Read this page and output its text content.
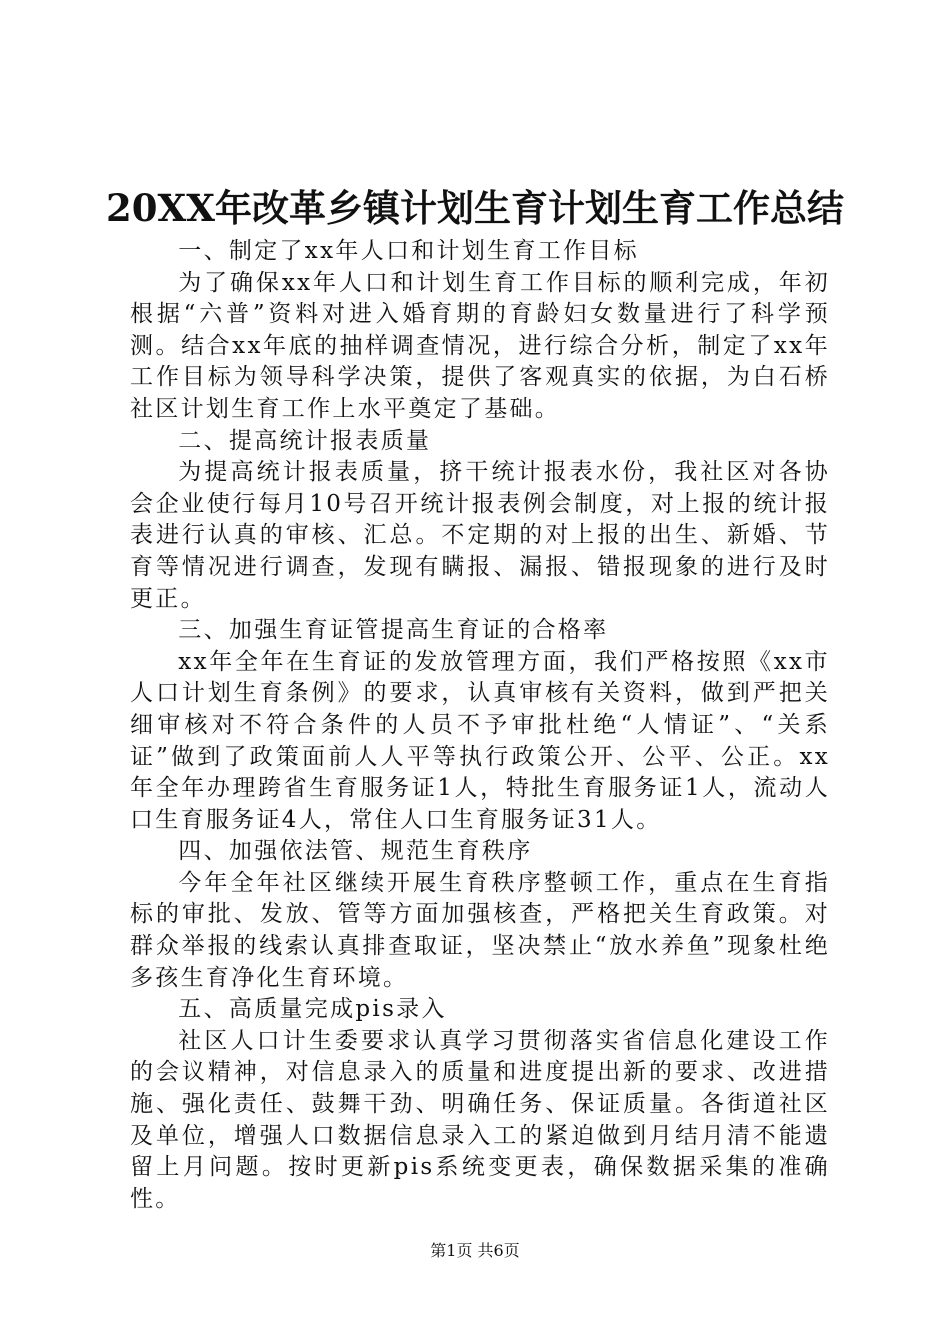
20XX年改革乡镇计划生育计划生育工作总结

一、制定了xx年人口和计划生育工作目标

为了确保xx年人口和计划生育工作目标的顺利完成，年初根据“六普”资料对进入婚育期的育龄妇女数量进行了科学预测。结合xx年底的抽样调查情况，进行综合分析，制定了xx年工作目标为领导科学决策，提供了客观真实的依据，为白石桥社区计划生育工作上水平奠定了基础。

二、提高统计报表质量

为提高统计报表质量，挤干统计报表水份，我社区对各协会企业使行每月10号召开统计报表例会制度，对上报的统计报表进行认真的审核、汇总。不定期的对上报的出生、新婚、节育等情况进行调查，发现有瞒报、漏报、错报现象的进行及时更正。

三、加强生育证管提高生育证的合格率

xx年全年在生育证的发放管理方面，我们严格按照《xx市人口计划生育条例》的要求，认真审核有关资料，做到严把关细审核对不符合条件的人员不予审批杜绝“人情证”、“关系证”做到了政策面前人人平等执行政策公开、公平、公正。xx年全年办理跨省生育服务证1人，特批生育服务证1人，流动人口生育服务证4人，常住人口生育服务证31人。

四、加强依法管、规范生育秩序

今年全年社区继续开展生育秩序整顿工作，重点在生育指标的审批、发放、管等方面加强核查，严格把关生育政策。对群众举报的线索认真排查取证，坚决禁止“放水养鱼”现象杜绝多孩生育净化生育环境。

五、高质量完成pis录入

社区人口计生委要求认真学习贯彻落实省信息化建设工作的会议精神，对信息录入的质量和进度提出新的要求、改进措施、强化责任、鼓舞干劲、明确任务、保证质量。各街道社区及单位，增强人口数据信息录入工的紧迫做到月结月清不能遗留上月问题。按时更新pis系统变更表，确保数据采集的准确性。

第1页 共6页
